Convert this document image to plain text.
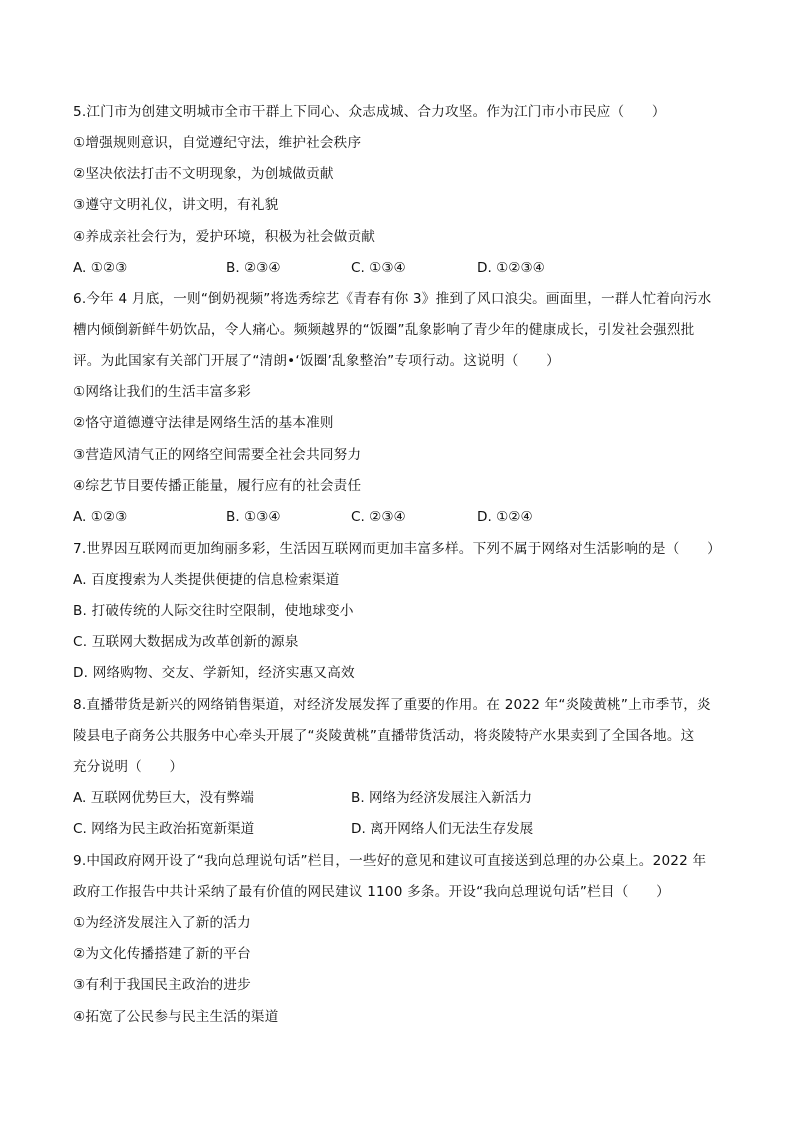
5.江门市为创建文明城市全市干群上下同心、众志成城、合力攻坚。作为江门市小市民应（　　）
①增强规则意识，自觉遵纪守法，维护社会秩序
②坚决依法打击不文明现象，为创城做贡献
③遵守文明礼仪，讲文明，有礼貌
④养成亲社会行为，爱护环境，积极为社会做贡献
A. ①②③	B. ②③④	C. ①③④	D. ①②③④
6.今年 4 月底，一则“倒奶视频”将选秀综艺《青春有你 3》推到了风口浪尖。画面里，一群人忙着向污水
槽内倾倒新鲜牛奶饮品，令人痛心。频频越界的“饭圈”乱象影响了青少年的健康成长，引发社会强烈批
评。为此国家有关部门开展了“清朗•‘饭圈’乱象整治”专项行动。这说明（　　）
①网络让我们的生活丰富多彩
②恪守道德遵守法律是网络生活的基本准则
③营造风清气正的网络空间需要全社会共同努力
④综艺节目要传播正能量，履行应有的社会责任
A. ①②③	B. ①③④	C. ②③④	D. ①②④
7.世界因互联网而更加绚丽多彩，生活因互联网而更加丰富多样。下列不属于网络对生活影响的是（　　）
A. 百度搜索为人类提供便捷的信息检索渠道
B. 打破传统的人际交往时空限制，使地球变小
C. 互联网大数据成为改革创新的源泉
D. 网络购物、交友、学新知，经济实惠又高效
8.直播带货是新兴的网络销售渠道，对经济发展发挥了重要的作用。在 2022 年“炎陵黄桃”上市季节，炎
陵县电子商务公共服务中心牵头开展了“炎陵黄桃”直播带货活动，将炎陵特产水果卖到了全国各地。这
充分说明（　　）
A. 互联网优势巨大，没有弊端	B. 网络为经济发展注入新活力
C. 网络为民主政治拓宽新渠道	D. 离开网络人们无法生存发展
9.中国政府网开设了“我向总理说句话”栏目，一些好的意见和建议可直接送到总理的办公桌上。2022 年
政府工作报告中共计采纳了最有价值的网民建议 1100 多条。开设“我向总理说句话”栏目（　　）
①为经济发展注入了新的活力
②为文化传播搭建了新的平台
③有利于我国民主政治的进步
④拓宽了公民参与民主生活的渠道
